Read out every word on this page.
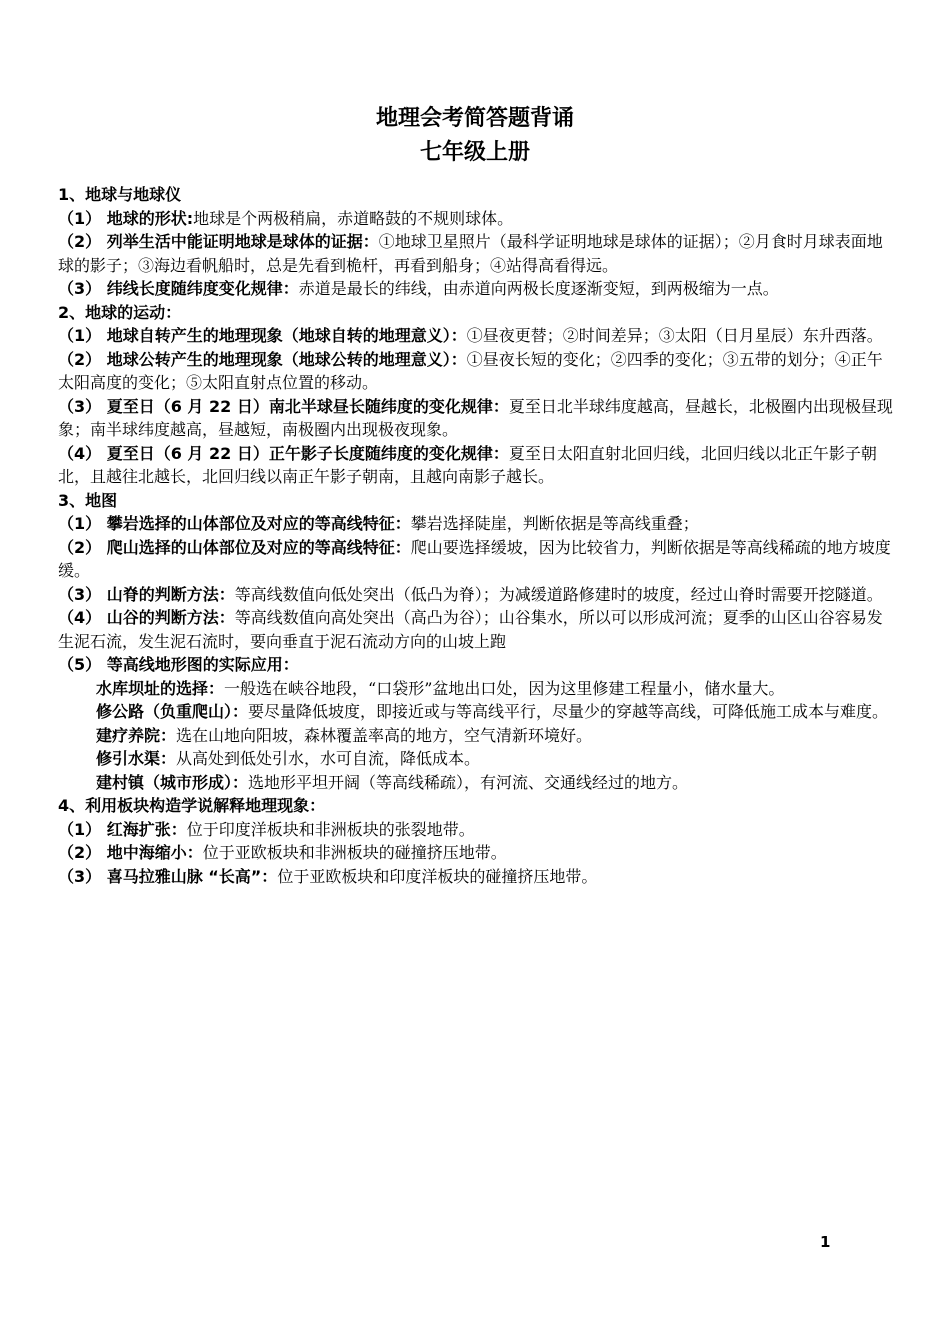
地理会考简答题背诵
七年级上册
1、地球与地球仪

（1） 地球的形状:地球是个两极稍扁，赤道略鼓的不规则球体。

（2） 列举生活中能证明地球是球体的证据：①地球卫星照片（最科学证明地球是球体的证据）；②月食时月球表面地球的影子；③海边看帆船时，总是先看到桅杆，再看到船身；④站得高看得远。

（3） 纬线长度随纬度变化规律：赤道是最长的纬线，由赤道向两极长度逐渐变短，到两极缩为一点。

2、地球的运动：

（1） 地球自转产生的地理现象（地球自转的地理意义）：①昼夜更替；②时间差异；③太阳（日月星辰）东升西落。

（2） 地球公转产生的地理现象（地球公转的地理意义）：①昼夜长短的变化；②四季的变化；③五带的划分；④正午太阳高度的变化；⑤太阳直射点位置的移动。

（3） 夏至日（6 月 22 日）南北半球昼长随纬度的变化规律：夏至日北半球纬度越高，昼越长，北极圈内出现极昼现象；南半球纬度越高，昼越短，南极圈内出现极夜现象。

（4） 夏至日（6 月 22 日）正午影子长度随纬度的变化规律：夏至日太阳直射北回归线，北回归线以北正午影子朝北，且越往北越长，北回归线以南正午影子朝南，且越向南影子越长。

3、地图

（1） 攀岩选择的山体部位及对应的等高线特征：攀岩选择陡崖，判断依据是等高线重叠；

（2） 爬山选择的山体部位及对应的等高线特征：爬山要选择缓坡，因为比较省力，判断依据是等高线稀疏的地方坡度缓。

（3） 山脊的判断方法：等高线数值向低处突出（低凸为脊）；为减缓道路修建时的坡度，经过山脊时需要开挖隧道。

（4） 山谷的判断方法：等高线数值向高处突出（高凸为谷）；山谷集水，所以可以形成河流；夏季的山区山谷容易发生泥石流，发生泥石流时，要向垂直于泥石流动方向的山坡上跑

（5） 等高线地形图的实际应用：

水库坝址的选择：一般选在峡谷地段，“口袋形”盆地出口处，因为这里修建工程量小，储水量大。

修公路（负重爬山）：要尽量降低坡度，即接近或与等高线平行，尽量少的穿越等高线，可降低施工成本与难度。

建疗养院：选在山地向阳坡，森林覆盖率高的地方，空气清新环境好。

修引水渠：从高处到低处引水，水可自流，降低成本。

建村镇（城市形成）：选地形平坦开阔（等高线稀疏），有河流、交通线经过的地方。

4、利用板块构造学说解释地理现象：

（1） 红海扩张：位于印度洋板块和非洲板块的张裂地带。

（2） 地中海缩小：位于亚欧板块和非洲板块的碰撞挤压地带。

（3） 喜马拉雅山脉 “长高”：位于亚欧板块和印度洋板块的碰撞挤压地带。

1
